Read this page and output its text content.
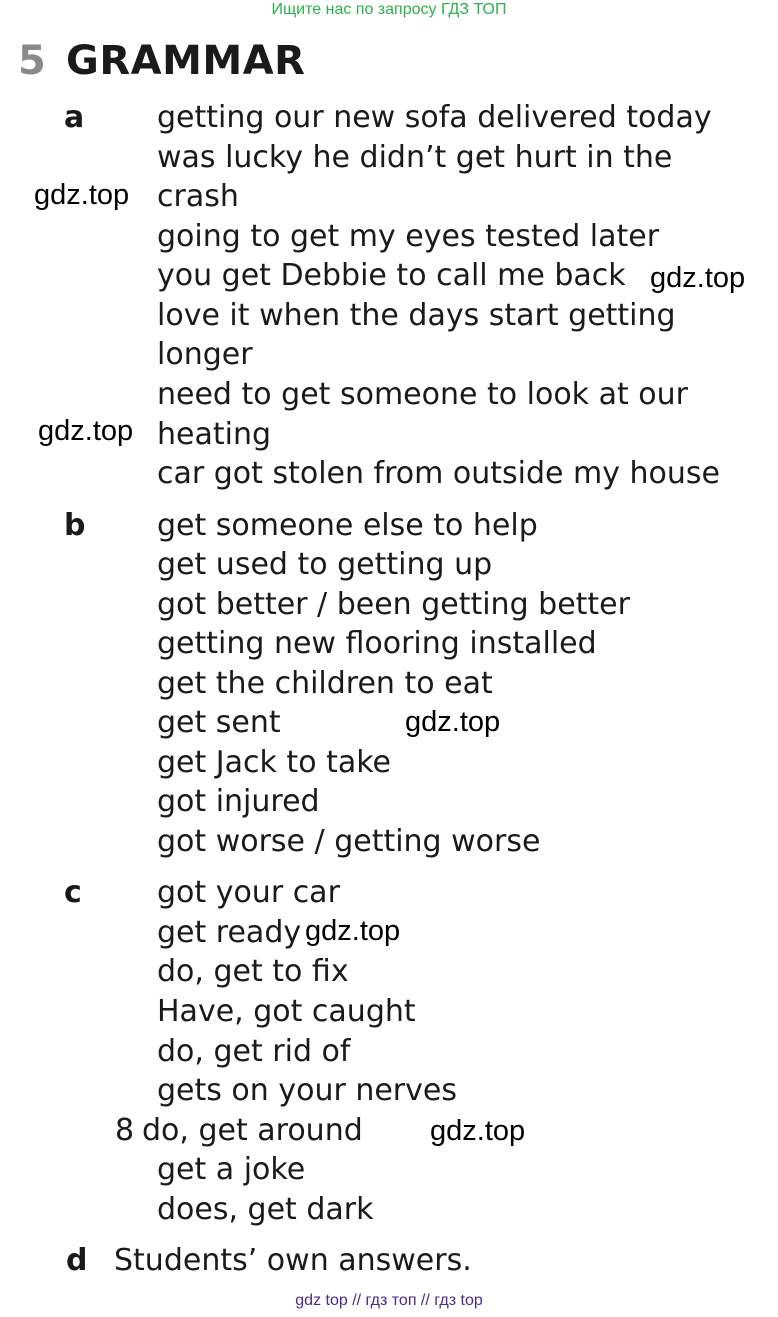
Ищите нас по запросу ГДЗ ТОП
5 GRAMMAR
a	getting our new sofa delivered today
was lucky he didn’t get hurt in the
crash
going to get my eyes tested later
you get Debbie to call me back
love it when the days start getting
longer
need to get someone to look at our
heating
car got stolen from outside my house
b get someone else to help
get used to getting up
got better / been getting better
getting new flooring installed
get the children to eat
get sent
get Jack to take
got injured
got worse / getting worse
c	got your car
get ready
do, get to fix
Have, got caught
do, get rid of
gets on your nerves
8 do, get around
get a joke
does, get dark
d Students’ own answers.
gdz.top
gdz.top
gdz.top
gdz.top
gdz.top
gdz.top
gdz top // гдз топ // гдз top
